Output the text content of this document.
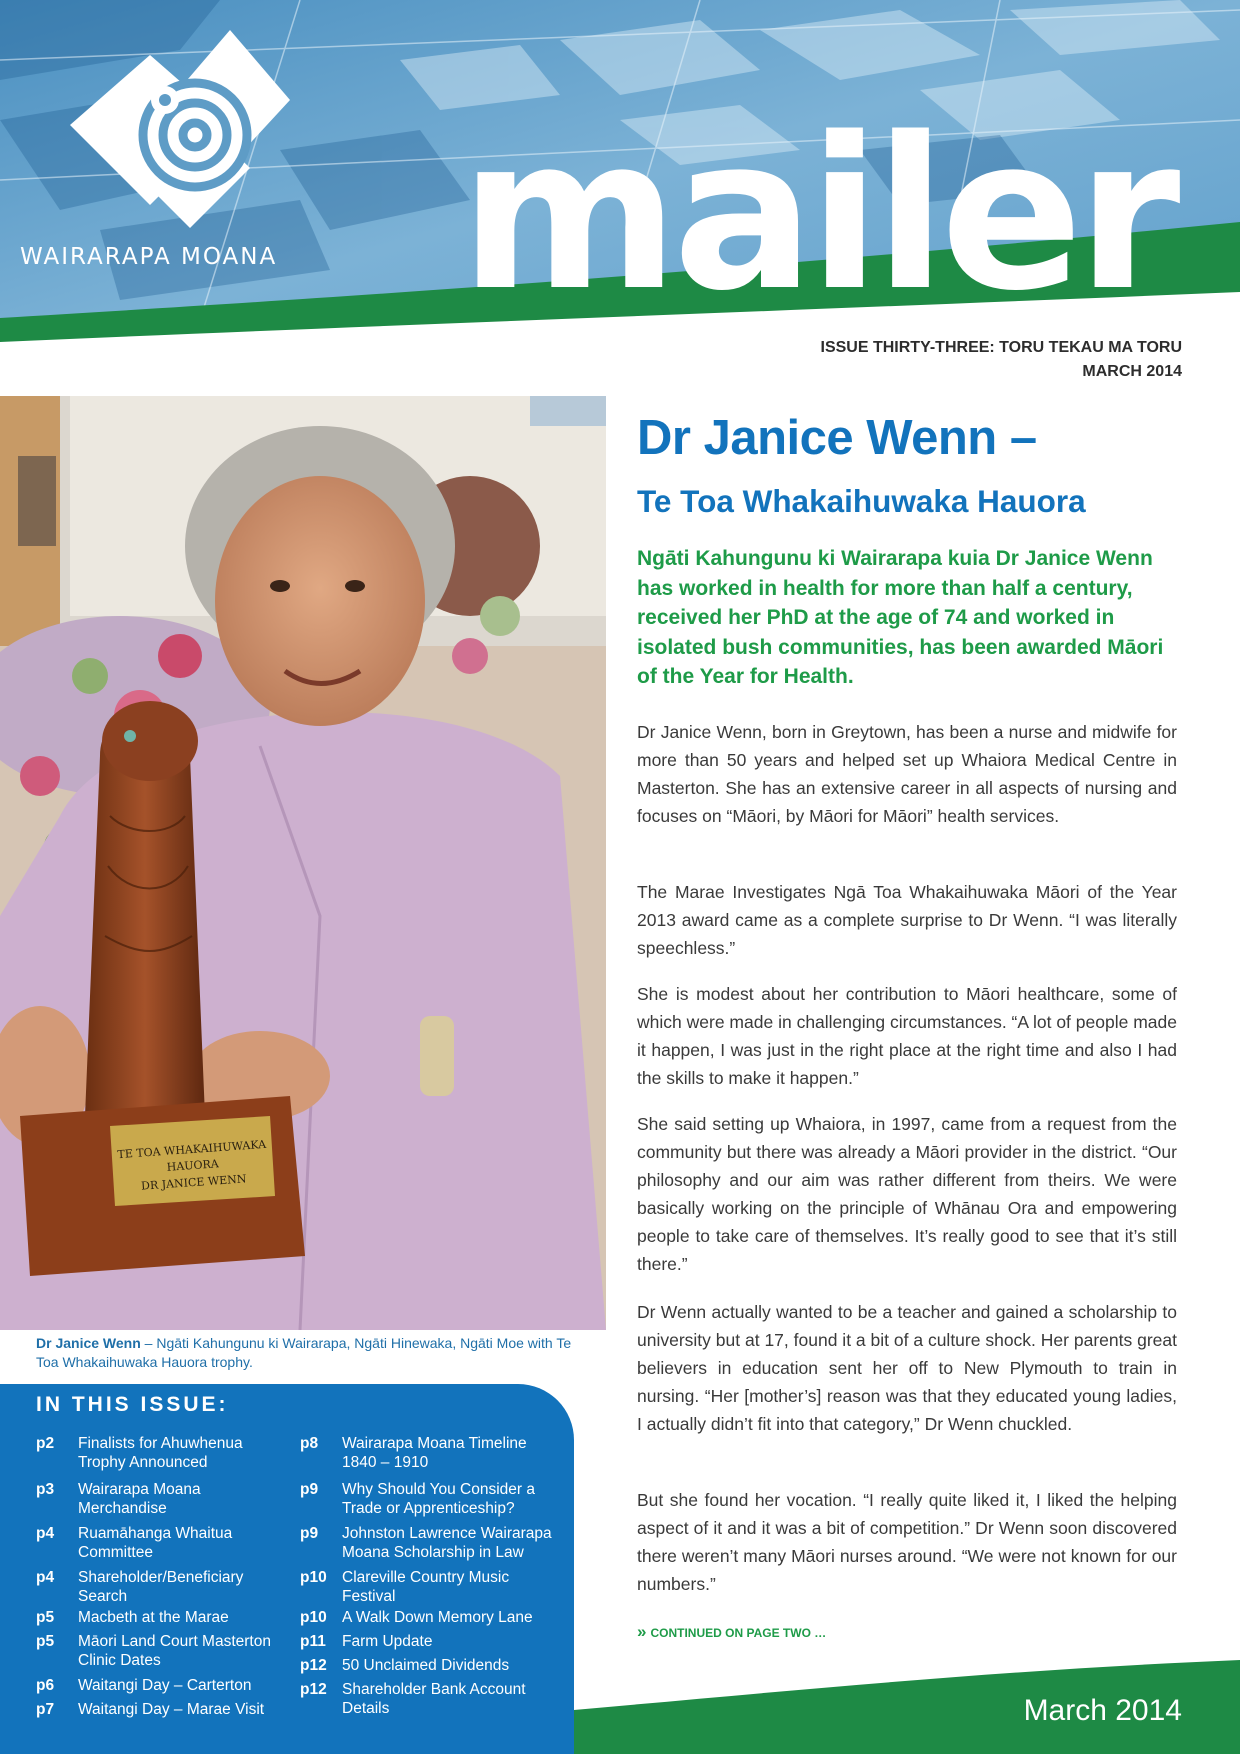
WAIRARAPA MOANA mailer
ISSUE THIRTY-THREE: TORU TEKAU MA TORU
MARCH 2014
TE TOA WHAKAIHUWAKA
HAUORA
DR JANICE WENN
Dr Janice Wenn – Ngāti Kahungunu ki Wairarapa, Ngāti Hinewaka, Ngāti Moe with Te Toa Whakaihuwaka Hauora trophy.
IN THIS ISSUE:
p2 Finalists for Ahuwhenua Trophy Announced
p3 Wairarapa Moana Merchandise
p4 Ruamāhanga Whaitua Committee
p4 Shareholder/Beneficiary Search
p5 Macbeth at the Marae
p5 Māori Land Court Masterton Clinic Dates
p6 Waitangi Day – Carterton
p7 Waitangi Day – Marae Visit
p8 Wairarapa Moana Timeline 1840 – 1910
p9 Why Should You Consider a Trade or Apprenticeship?
p9 Johnston Lawrence Wairarapa Moana Scholarship in Law
p10 Clareville Country Music Festival
p10 A Walk Down Memory Lane
p11 Farm Update
p12 50 Unclaimed Dividends
p12 Shareholder Bank Account Details
Dr Janice Wenn –
Te Toa Whakaihuwaka Hauora
Ngāti Kahungunu ki Wairarapa kuia Dr Janice Wenn has worked in health for more than half a century, received her PhD at the age of 74 and worked in isolated bush communities, has been awarded Māori of the Year for Health.
Dr Janice Wenn, born in Greytown, has been a nurse and midwife for more than 50 years and helped set up Whaiora Medical Centre in Masterton. She has an extensive career in all aspects of nursing and focuses on “Māori, by Māori for Māori” health services.
The Marae Investigates Ngā Toa Whakaihuwaka Māori of the Year 2013 award came as a complete surprise to Dr Wenn. “I was literally speechless.”
She is modest about her contribution to Māori healthcare, some of which were made in challenging circumstances. “A lot of people made it happen, I was just in the right place at the right time and also I had the skills to make it happen.”
She said setting up Whaiora, in 1997, came from a request from the community but there was already a Māori provider in the district. “Our philosophy and our aim was rather different from theirs. We were basically working on the principle of Whānau Ora and empowering people to take care of themselves. It’s really good to see that it’s still there.”
Dr Wenn actually wanted to be a teacher and gained a scholarship to university but at 17, found it a bit of a culture shock. Her parents great believers in education sent her off to New Plymouth to train in nursing. “Her [mother’s] reason was that they educated young ladies, I actually didn’t fit into that category,” Dr Wenn chuckled.
But she found her vocation. “I really quite liked it, I liked the helping aspect of it and it was a bit of competition.” Dr Wenn soon discovered there weren’t many Māori nurses around. “We were not known for our numbers.”
» CONTINUED ON PAGE TWO …
March 2014
